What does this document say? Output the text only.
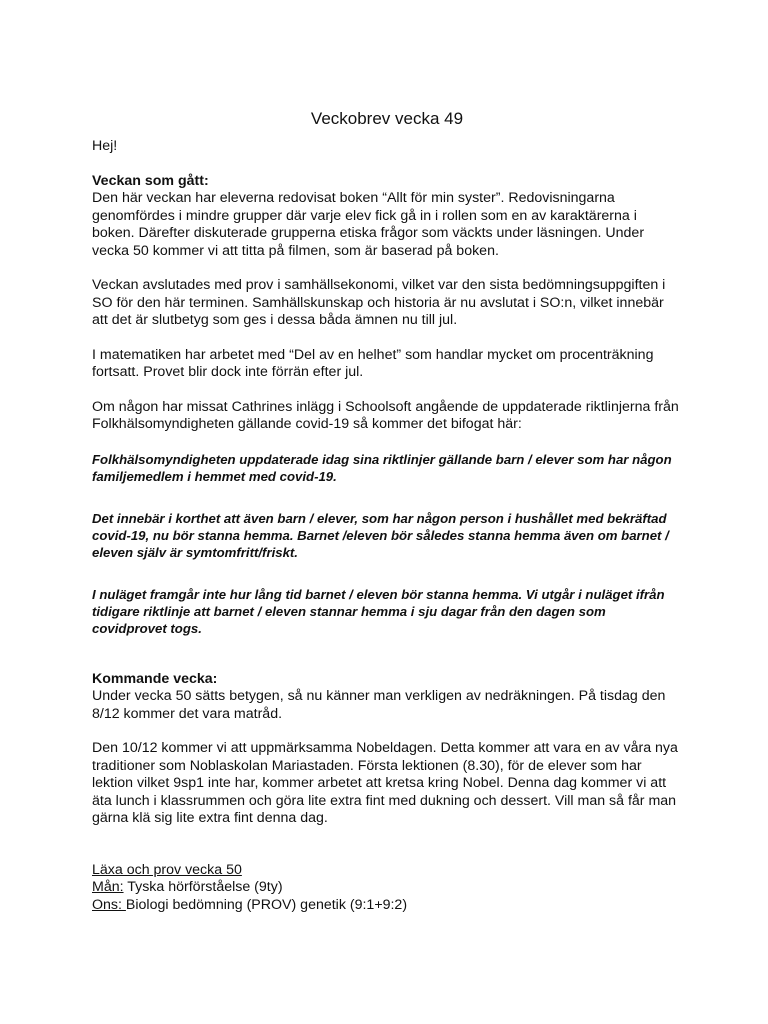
Veckobrev vecka 49

Hej!

Veckan som gått:

Den här veckan har eleverna redovisat boken “Allt för min syster”. Redovisningarna genomfördes i mindre grupper där varje elev fick gå in i rollen som en av karaktärerna i boken. Därefter diskuterade grupperna etiska frågor som väckts under läsningen. Under vecka 50 kommer vi att titta på filmen, som är baserad på boken.

Veckan avslutades med prov i samhällsekonomi, vilket var den sista bedömningsuppgiften i SO för den här terminen. Samhällskunskap och historia är nu avslutat i SO:n, vilket innebär att det är slutbetyg som ges i dessa båda ämnen nu till jul.

I matematiken har arbetet med “Del av en helhet” som handlar mycket om procenträkning fortsatt. Provet blir dock inte förrän efter jul.

Om någon har missat Cathrines inlägg i Schoolsoft angående de uppdaterade riktlinjerna från Folkhälsomyndigheten gällande covid-19 så kommer det bifogat här:

Folkhälsomyndigheten uppdaterade idag sina riktlinjer gällande barn / elever som har någon familjemedlem i hemmet med covid-19.

Det innebär i korthet att även barn / elever, som har någon person i hushållet med bekräftad covid-19, nu bör stanna hemma. Barnet /eleven bör således stanna hemma även om barnet / eleven själv är symtomfritt/friskt.

I nuläget framgår inte hur lång tid barnet / eleven bör stanna hemma. Vi utgår i nuläget ifrån tidigare riktlinje att barnet / eleven stannar hemma i sju dagar från den dagen som covidprovet togs.

Kommande vecka:

Under vecka 50 sätts betygen, så nu känner man verkligen av nedräkningen. På tisdag den 8/12 kommer det vara matråd.

Den 10/12 kommer vi att uppmärksamma Nobeldagen. Detta kommer att vara en av våra nya traditioner som Noblaskolan Mariastaden. Första lektionen (8.30), för de elever som har lektion vilket 9sp1 inte har, kommer arbetet att kretsa kring Nobel. Denna dag kommer vi att äta lunch i klassrummen och göra lite extra fint med dukning och dessert. Vill man så får man gärna klä sig lite extra fint denna dag.

Läxa och prov vecka 50

Mån: Tyska hörförståelse (9ty)

Ons: Biologi bedömning (PROV) genetik (9:1+9:2)
